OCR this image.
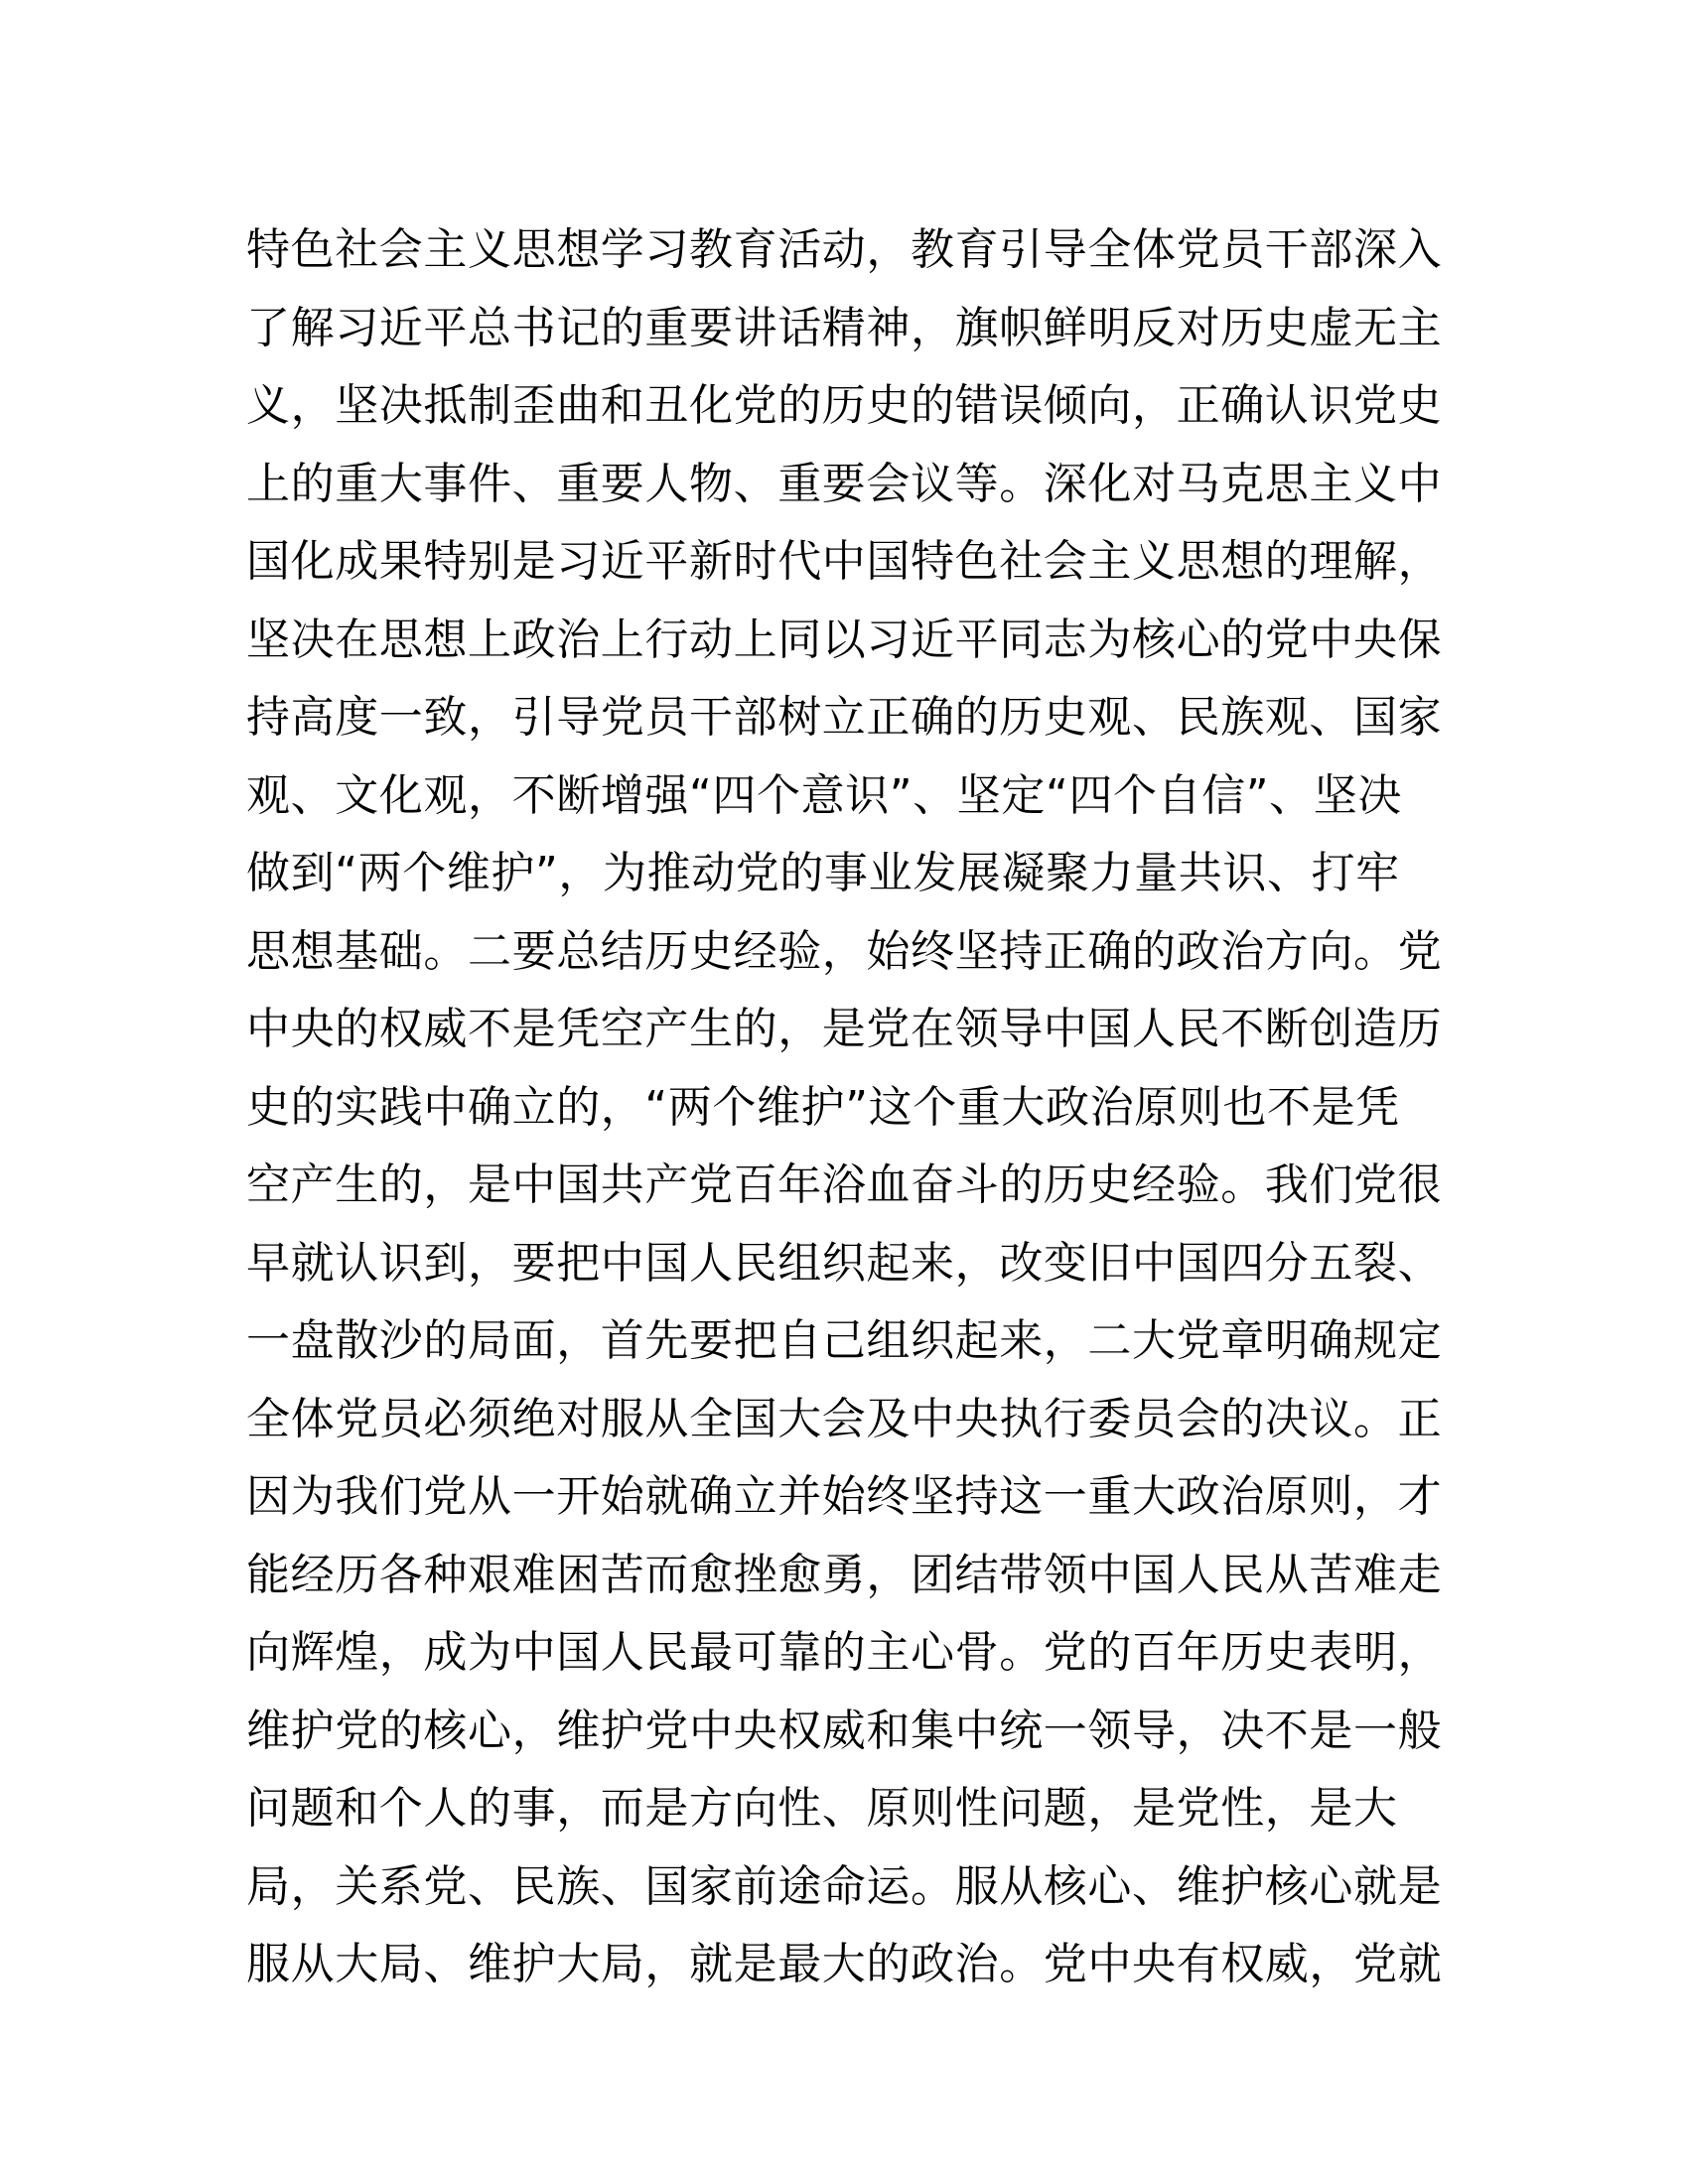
特色社会主义思想学习教育活动，教育引导全体党员干部深入
了解习近平总书记的重要讲话精神，旗帜鲜明反对历史虚无主
义，坚决抵制歪曲和丑化党的历史的错误倾向，正确认识党史
上的重大事件、重要人物、重要会议等。深化对马克思主义中
国化成果特别是习近平新时代中国特色社会主义思想的理解，
坚决在思想上政治上行动上同以习近平同志为核心的党中央保
持高度一致，引导党员干部树立正确的历史观、民族观、国家
观、文化观，不断增强“四个意识”、坚定“四个自信”、坚决
做到“两个维护”，为推动党的事业发展凝聚力量共识、打牢
思想基础。二要总结历史经验，始终坚持正确的政治方向。党
中央的权威不是凭空产生的，是党在领导中国人民不断创造历
史的实践中确立的，“两个维护”这个重大政治原则也不是凭
空产生的，是中国共产党百年浴血奋斗的历史经验。我们党很
早就认识到，要把中国人民组织起来，改变旧中国四分五裂、
一盘散沙的局面，首先要把自己组织起来，二大党章明确规定
全体党员必须绝对服从全国大会及中央执行委员会的决议。正
因为我们党从一开始就确立并始终坚持这一重大政治原则，才
能经历各种艰难困苦而愈挫愈勇，团结带领中国人民从苦难走
向辉煌，成为中国人民最可靠的主心骨。党的百年历史表明，
维护党的核心，维护党中央权威和集中统一领导，决不是一般
问题和个人的事，而是方向性、原则性问题，是党性，是大
局，关系党、民族、国家前途命运。服从核心、维护核心就是
服从大局、维护大局，就是最大的政治。党中央有权威，党就
